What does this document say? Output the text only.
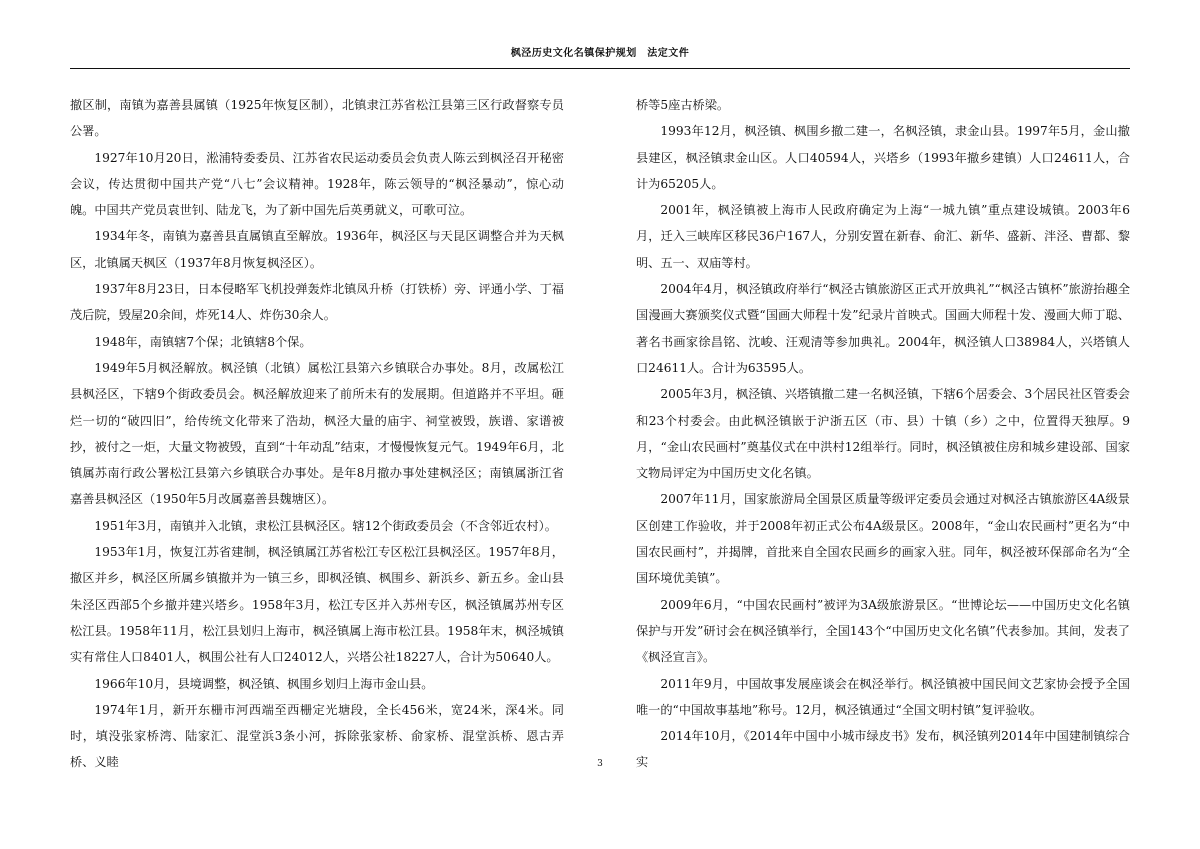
枫泾历史文化名镇保护规划　法定文件

撤区制，南镇为嘉善县属镇（1925年恢复区制），北镇隶江苏省松江县第三区行政督察专员公署。

1927年10月20日，淞浦特委委员、江苏省农民运动委员会负责人陈云到枫泾召开秘密会议，传达贯彻中国共产党“八七”会议精神。1928年，陈云领导的“枫泾暴动”，惊心动魄。中国共产党员袁世钊、陆龙飞，为了新中国先后英勇就义，可歌可泣。

1934年冬，南镇为嘉善县直属镇直至解放。1936年，枫泾区与天昆区调整合并为天枫区，北镇属天枫区（1937年8月恢复枫泾区）。

1937年8月23日，日本侵略军飞机投弹轰炸北镇凤升桥（打铁桥）旁、评通小学、丁福茂后院，毁屋20余间，炸死14人、炸伤30余人。

1948年，南镇辖7个保；北镇辖8个保。

1949年5月枫泾解放。枫泾镇（北镇）属松江县第六乡镇联合办事处。8月，改属松江县枫泾区，下辖9个街政委员会。枫泾解放迎来了前所未有的发展期。但道路并不平坦。砸烂一切的“破四旧”，给传统文化带来了浩劫，枫泾大量的庙宇、祠堂被毁，族谱、家谱被抄，被付之一炬，大量文物被毁，直到“十年动乱”结束，才慢慢恢复元气。1949年6月，北镇属苏南行政公署松江县第六乡镇联合办事处。是年8月撤办事处建枫泾区；南镇属浙江省嘉善县枫泾区（1950年5月改属嘉善县魏塘区）。

1951年3月，南镇并入北镇，隶松江县枫泾区。辖12个街政委员会（不含邻近农村）。

1953年1月，恢复江苏省建制，枫泾镇属江苏省松江专区松江县枫泾区。1957年8月，撤区并乡，枫泾区所属乡镇撤并为一镇三乡，即枫泾镇、枫围乡、新浜乡、新五乡。金山县朱泾区西部5个乡撤并建兴塔乡。1958年3月，松江专区并入苏州专区，枫泾镇属苏州专区松江县。1958年11月，松江县划归上海市，枫泾镇属上海市松江县。1958年末，枫泾城镇实有常住人口8401人，枫围公社有人口24012人，兴塔公社18227人，合计为50640人。

1966年10月，县境调整，枫泾镇、枫围乡划归上海市金山县。

1974年1月，新开东栅市河西端至西栅定光塘段，全长456米，宽24米，深4米。同时，填没张家桥湾、陆家汇、混堂浜3条小河，拆除张家桥、俞家桥、混堂浜桥、恩古弄桥、义睦

桥等5座古桥梁。

1993年12月，枫泾镇、枫围乡撤二建一，名枫泾镇，隶金山县。1997年5月，金山撤县建区，枫泾镇隶金山区。人口40594人，兴塔乡（1993年撤乡建镇）人口24611人，合计为65205人。

2001年，枫泾镇被上海市人民政府确定为上海“一城九镇”重点建设城镇。2003年6月，迁入三峡库区移民36户167人，分别安置在新春、俞汇、新华、盛新、泮泾、曹都、黎明、五一、双庙等村。

2004年4月，枫泾镇政府举行“枫泾古镇旅游区正式开放典礼”“枫泾古镇杯”旅游抬趣全国漫画大赛颁奖仪式暨“国画大师程十发”纪录片首映式。国画大师程十发、漫画大师丁聪、著名书画家徐昌铭、沈峻、汪观清等参加典礼。2004年，枫泾镇人口38984人，兴塔镇人口24611人。合计为63595人。

2005年3月，枫泾镇、兴塔镇撤二建一名枫泾镇，下辖6个居委会、3个居民社区管委会和23个村委会。由此枫泾镇嵌于沪浙五区（市、县）十镇（乡）之中，位置得天独厚。9月，“金山农民画村”奠基仪式在中洪村12组举行。同时，枫泾镇被住房和城乡建设部、国家文物局评定为中国历史文化名镇。

2007年11月，国家旅游局全国景区质量等级评定委员会通过对枫泾古镇旅游区4A级景区创建工作验收，并于2008年初正式公布4A级景区。2008年，“金山农民画村”更名为“中国农民画村”，并揭牌，首批来自全国农民画乡的画家入驻。同年，枫泾被环保部命名为“全国环境优美镇”。

2009年6月，“中国农民画村”被评为3A级旅游景区。“世博论坛——中国历史文化名镇保护与开发”研讨会在枫泾镇举行，全国143个“中国历史文化名镇”代表参加。其间，发表了《枫泾宣言》。

2011年9月，中国故事发展座谈会在枫泾举行。枫泾镇被中国民间文艺家协会授予全国唯一的“中国故事基地”称号。12月，枫泾镇通过“全国文明村镇”复评验收。

2014年10月，《2014年中国中小城市绿皮书》发布，枫泾镇列2014年中国建制镇综合实

3
